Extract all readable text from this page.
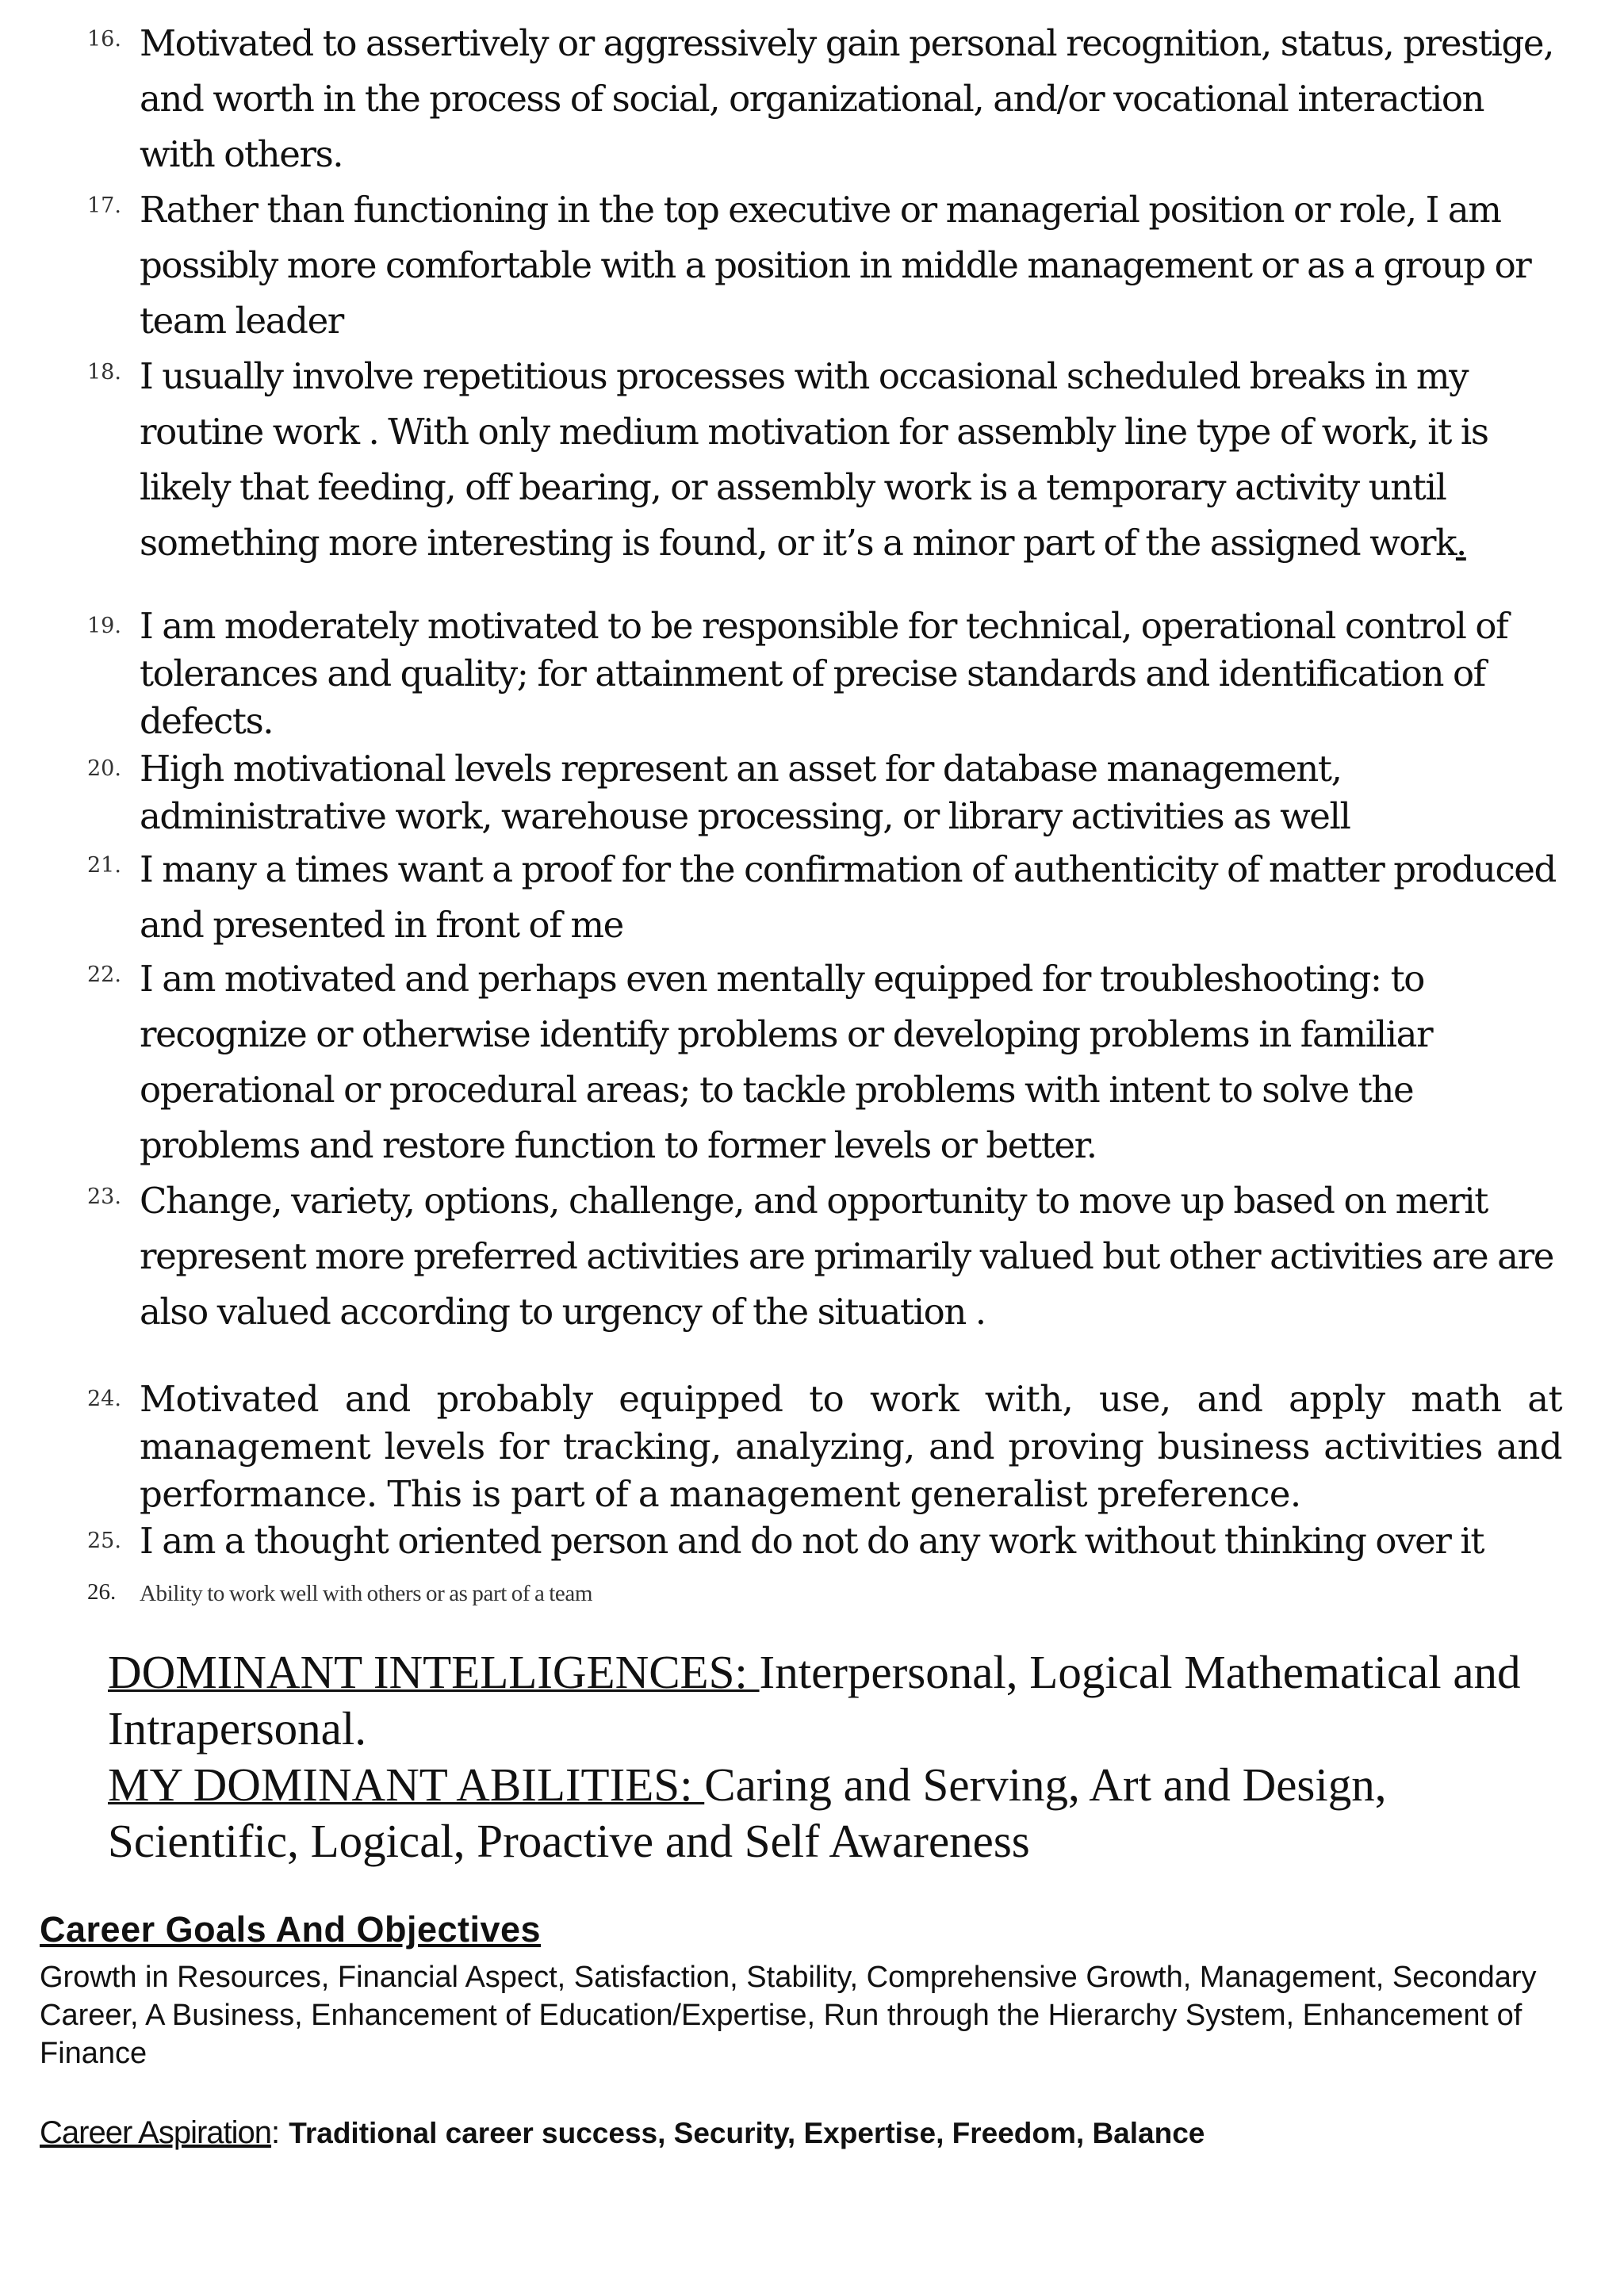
16. Motivated to assertively or aggressively gain personal recognition, status, prestige, and worth in the process of social, organizational, and/or vocational interaction with others.
17. Rather than functioning in the top executive or managerial position or role, I am possibly more comfortable with a position in middle management or as a group or team leader
18. I usually involve repetitious processes with occasional scheduled breaks in my routine work . With only medium motivation for assembly line type of work, it is likely that feeding, off bearing, or assembly work is a temporary activity until something more interesting is found, or it’s a minor part of the assigned work.
19. I am moderately motivated to be responsible for technical, operational control of tolerances and quality; for attainment of precise standards and identification of defects.
20. High motivational levels represent an asset for database management, administrative work, warehouse processing, or library activities as well
21. I many a times want a proof for the confirmation of authenticity of matter produced and presented in front of me
22. I am motivated and perhaps even mentally equipped for troubleshooting: to recognize or otherwise identify problems or developing problems in familiar operational or procedural areas; to tackle problems with intent to solve the problems and restore function to former levels or better.
23. Change, variety, options, challenge, and opportunity to move up based on merit represent more preferred activities are primarily valued but other activities are are also valued according to urgency of the situation .
24. Motivated and probably equipped to work with, use, and apply math at management levels for tracking, analyzing, and proving business activities and performance. This is part of a management generalist preference.
25. I am a thought oriented person and do not do any work without thinking over it
26.	Ability to work well with others or as part of a team
DOMINANT INTELLIGENCES: Interpersonal, Logical Mathematical and Intrapersonal.
MY DOMINANT ABILITIES: Caring and Serving, Art and Design, Scientific, Logical, Proactive and Self Awareness
Career Goals And Objectives
Growth in Resources, Financial Aspect, Satisfaction, Stability, Comprehensive Growth, Management, Secondary Career, A Business, Enhancement of Education/Expertise, Run through the Hierarchy System, Enhancement of Finance
Career Aspiration: Traditional career success, Security, Expertise, Freedom, Balance
